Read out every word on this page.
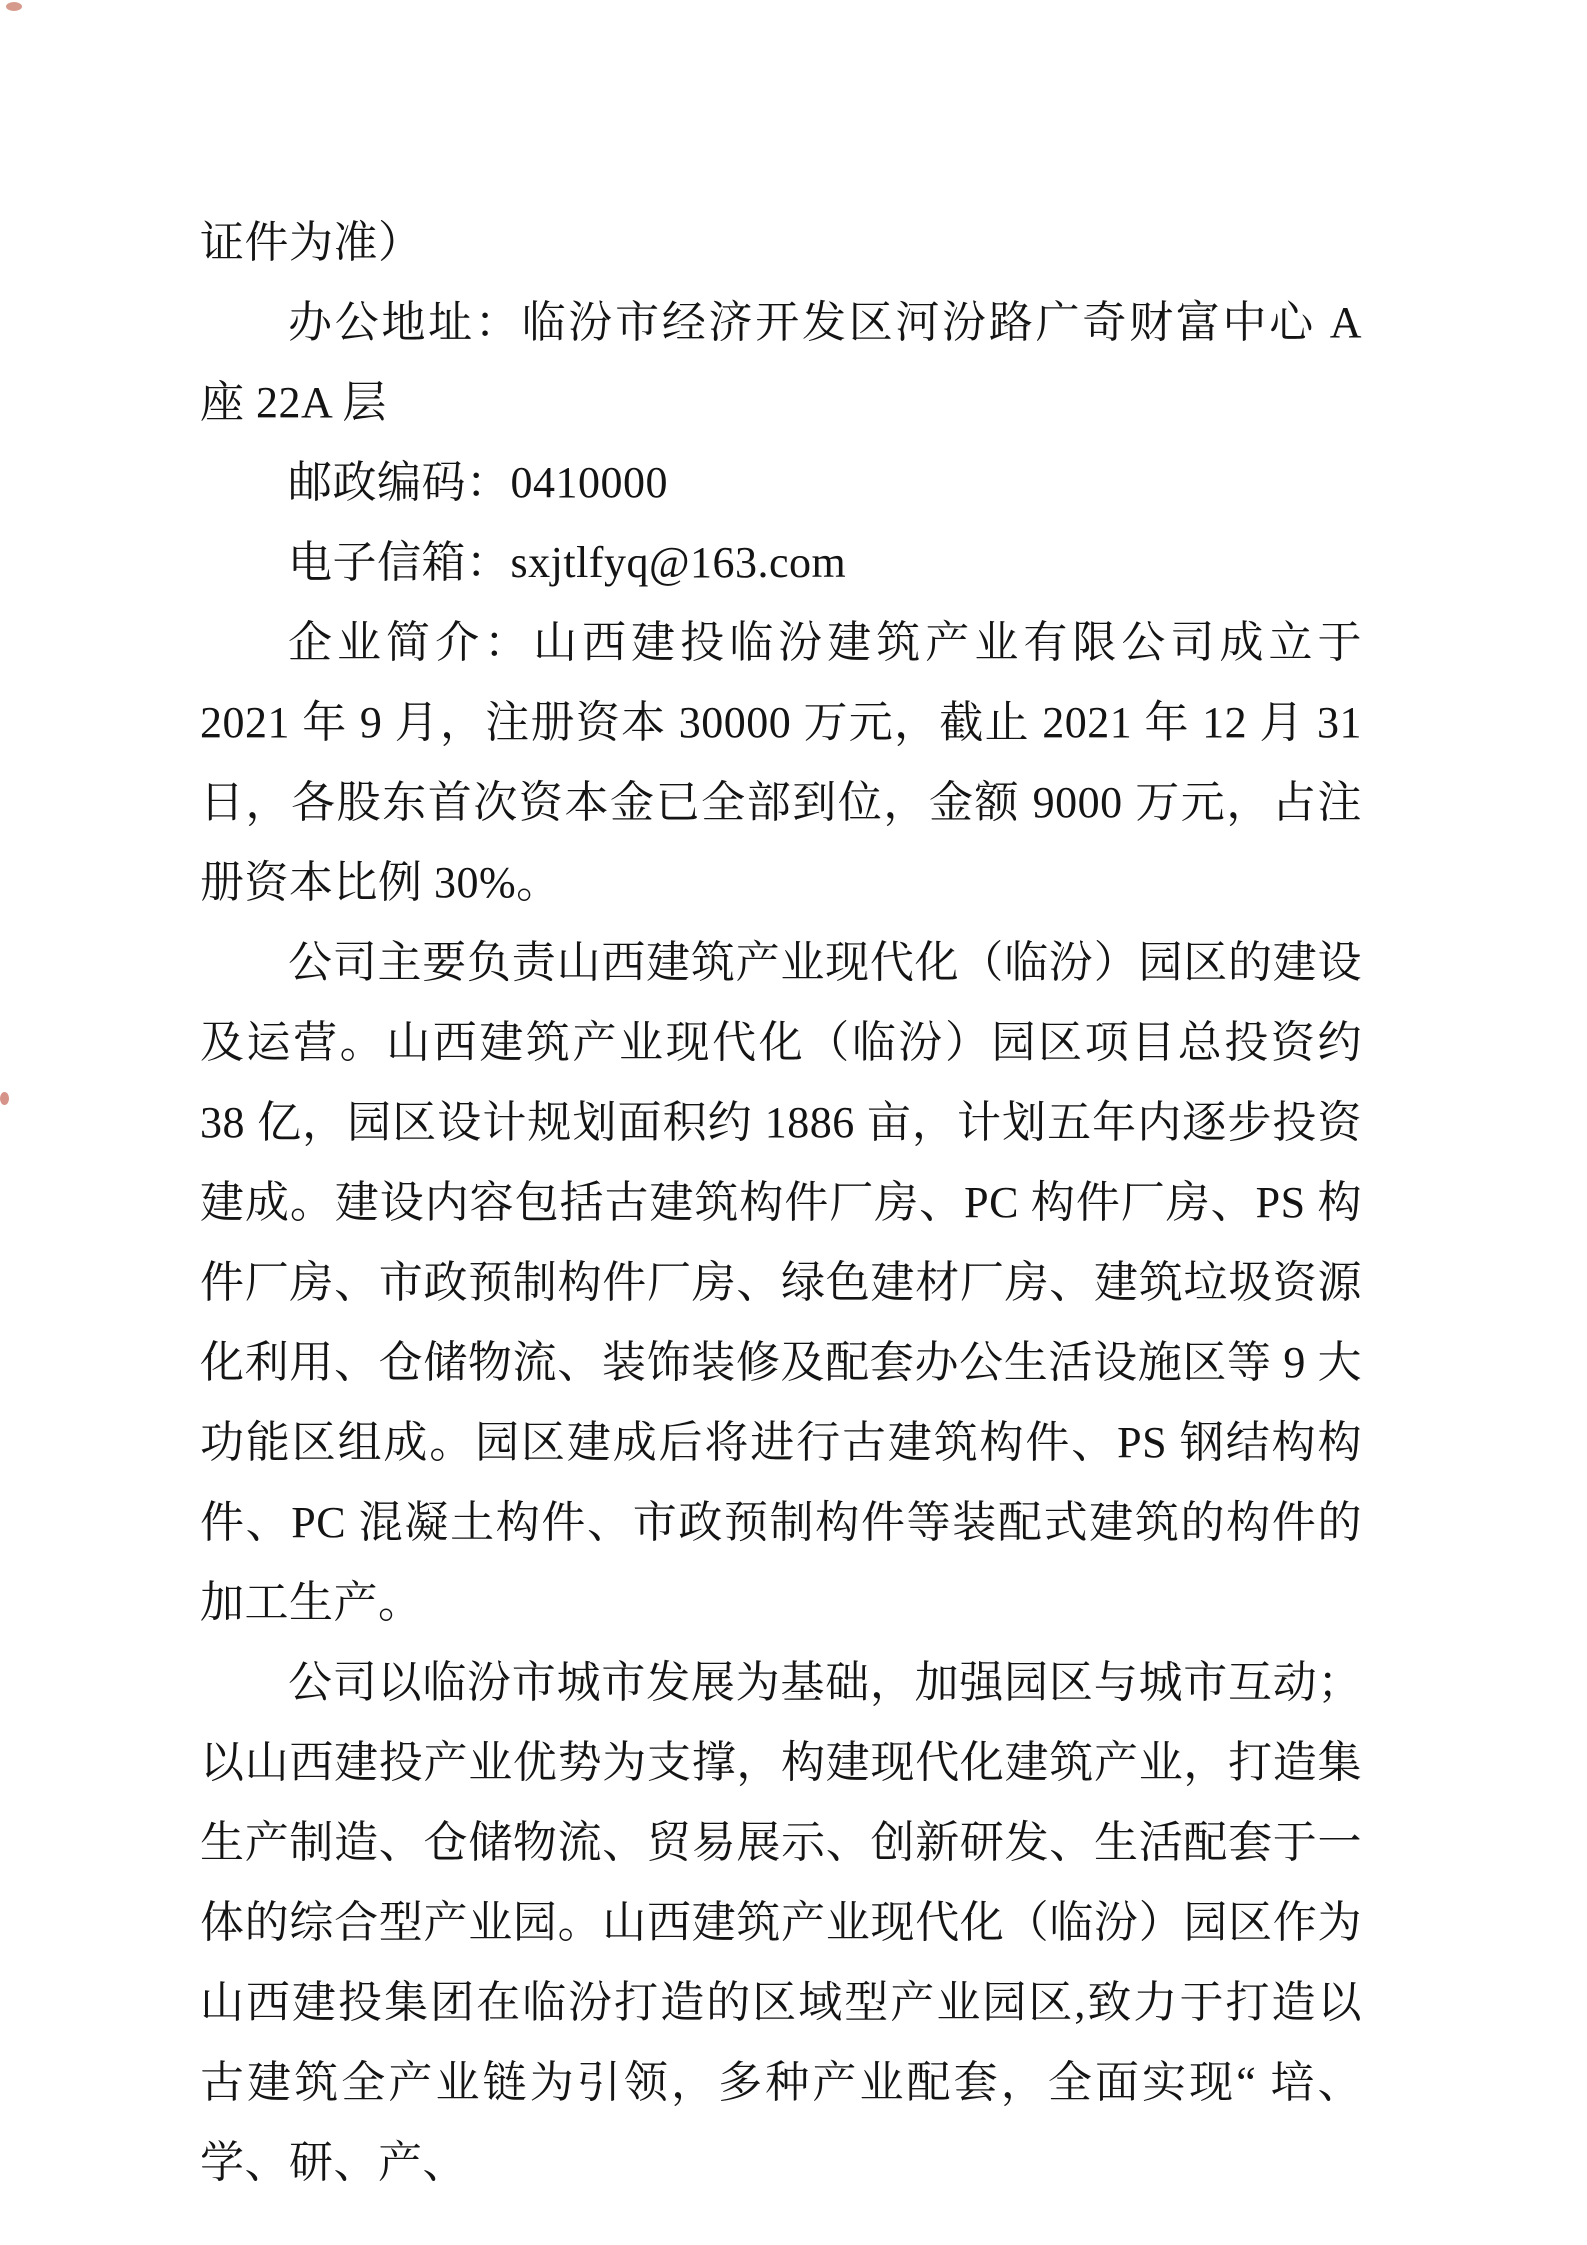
证件为准）

办公地址：临汾市经济开发区河汾路广奇财富中心 A 座 22A 层

邮政编码：0410000

电子信箱：sxjtlfyq@163.com

企业简介：山西建投临汾建筑产业有限公司成立于 2021 年 9 月，注册资本 30000 万元，截止 2021 年 12 月 31 日，各股东首次资本金已全部到位，金额 9000 万元，占注册资本比例 30%。

公司主要负责山西建筑产业现代化（临汾）园区的建设及运营。山西建筑产业现代化（临汾）园区项目总投资约 38 亿，园区设计规划面积约 1886 亩，计划五年内逐步投资建成。建设内容包括古建筑构件厂房、PC 构件厂房、PS 构件厂房、市政预制构件厂房、绿色建材厂房、建筑垃圾资源化利用、仓储物流、装饰装修及配套办公生活设施区等 9 大功能区组成。园区建成后将进行古建筑构件、PS 钢结构构件、PC 混凝土构件、市政预制构件等装配式建筑的构件的加工生产。

公司以临汾市城市发展为基础，加强园区与城市互动；以山西建投产业优势为支撑，构建现代化建筑产业，打造集生产制造、仓储物流、贸易展示、创新研发、生活配套于一体的综合型产业园。山西建筑产业现代化（临汾）园区作为山西建投集团在临汾打造的区域型产业园区,致力于打造以古建筑全产业链为引领，多种产业配套，全面实现“ 培、学、研、产、
